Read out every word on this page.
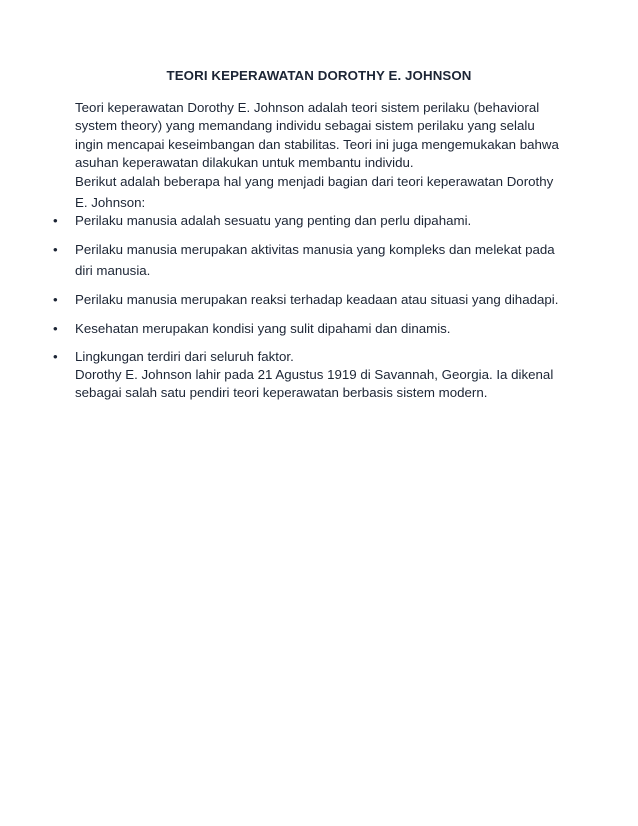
TEORI KEPERAWATAN DOROTHY E. JOHNSON

Teori keperawatan Dorothy E. Johnson adalah teori sistem perilaku (behavioral system theory) yang memandang individu sebagai sistem perilaku yang selalu ingin mencapai keseimbangan dan stabilitas. Teori ini juga mengemukakan bahwa asuhan keperawatan dilakukan untuk membantu individu.

Berikut adalah beberapa hal yang menjadi bagian dari teori keperawatan Dorothy E. Johnson:

• Perilaku manusia adalah sesuatu yang penting dan perlu dipahami.
• Perilaku manusia merupakan aktivitas manusia yang kompleks dan melekat pada diri manusia.
• Perilaku manusia merupakan reaksi terhadap keadaan atau situasi yang dihadapi.
• Kesehatan merupakan kondisi yang sulit dipahami dan dinamis.
• Lingkungan terdiri dari seluruh faktor.
Dorothy E. Johnson lahir pada 21 Agustus 1919 di Savannah, Georgia. Ia dikenal sebagai salah satu pendiri teori keperawatan berbasis sistem modern.
